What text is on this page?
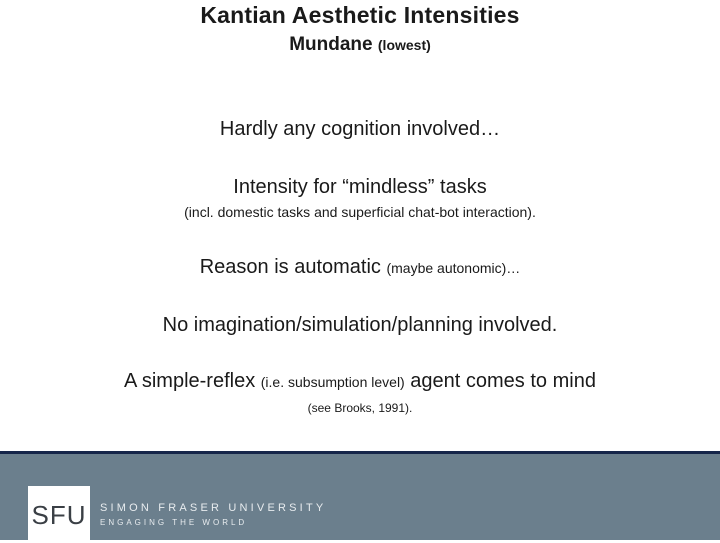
Kantian Aesthetic Intensities
Mundane (lowest)
Hardly any cognition involved…
Intensity for “mindless” tasks
(incl. domestic tasks and superficial chat-bot interaction).
Reason is automatic (maybe autonomic)…
No imagination/simulation/planning involved.
A simple-reflex (i.e. subsumption level) agent comes to mind
(see Brooks, 1991).
SFU	SIMON FRASER UNIVERSITY
ENGAGING THE WORLD
